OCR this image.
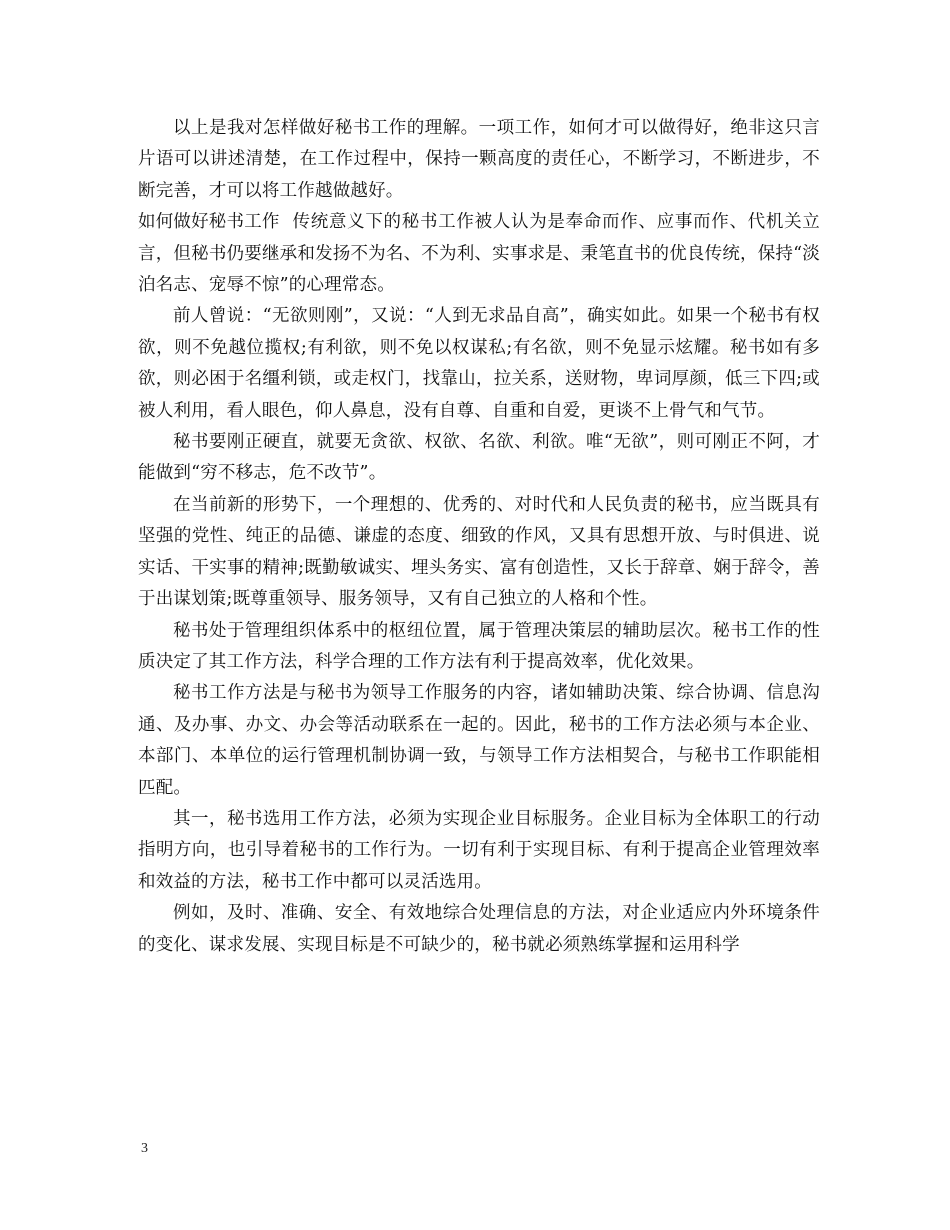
以上是我对怎样做好秘书工作的理解。一项工作，如何才可以做得好，绝非这只言片语可以讲述清楚，在工作过程中，保持一颗高度的责任心，不断学习，不断进步，不断完善，才可以将工作越做越好。

如何做好秘书工作 传统意义下的秘书工作被人认为是奉命而作、应事而作、代机关立言，但秘书仍要继承和发扬不为名、不为利、实事求是、秉笔直书的优良传统，保持“淡泊名志、宠辱不惊”的心理常态。

前人曾说：“无欲则刚”，又说：“人到无求品自高”，确实如此。如果一个秘书有权欲，则不免越位揽权;有利欲，则不免以权谋私;有名欲，则不免显示炫耀。秘书如有多欲，则必困于名缰利锁，或走权门，找靠山，拉关系，送财物，卑词厚颜，低三下四;或被人利用，看人眼色，仰人鼻息，没有自尊、自重和自爱，更谈不上骨气和气节。

秘书要刚正硬直，就要无贪欲、权欲、名欲、利欲。唯“无欲”，则可刚正不阿，才能做到“穷不移志，危不改节”。

在当前新的形势下，一个理想的、优秀的、对时代和人民负责的秘书，应当既具有坚强的党性、纯正的品德、谦虚的态度、细致的作风，又具有思想开放、与时俱进、说实话、干实事的精神;既勤敏诚实、埋头务实、富有创造性，又长于辞章、娴于辞令，善于出谋划策;既尊重领导、服务领导，又有自己独立的人格和个性。

秘书处于管理组织体系中的枢纽位置，属于管理决策层的辅助层次。秘书工作的性质决定了其工作方法，科学合理的工作方法有利于提高效率，优化效果。

秘书工作方法是与秘书为领导工作服务的内容，诸如辅助决策、综合协调、信息沟通、及办事、办文、办会等活动联系在一起的。因此，秘书的工作方法必须与本企业、本部门、本单位的运行管理机制协调一致，与领导工作方法相契合，与秘书工作职能相匹配。

其一，秘书选用工作方法，必须为实现企业目标服务。企业目标为全体职工的行动指明方向，也引导着秘书的工作行为。一切有利于实现目标、有利于提高企业管理效率和效益的方法，秘书工作中都可以灵活选用。

例如，及时、准确、安全、有效地综合处理信息的方法，对企业适应内外环境条件的变化、谋求发展、实现目标是不可缺少的，秘书就必须熟练掌握和运用科学

3
